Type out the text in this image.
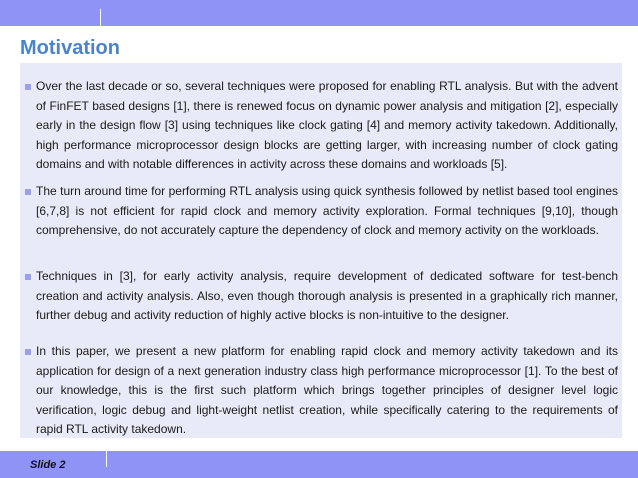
Motivation
Over the last decade or so, several techniques were proposed for enabling RTL analysis. But with the advent of FinFET based designs [1], there is renewed focus on dynamic power analysis and mitigation [2], especially early in the design flow [3] using techniques like clock gating [4] and memory activity takedown. Additionally, high performance microprocessor design blocks are getting larger, with increasing number of clock gating domains and with notable differences in activity across these domains and workloads [5].
The turn around time for performing RTL analysis using quick synthesis followed by netlist based tool engines [6,7,8] is not efficient for rapid clock and memory activity exploration. Formal techniques [9,10], though comprehensive, do not accurately capture the dependency of clock and memory activity on the workloads.
Techniques in [3], for early activity analysis, require development of dedicated software for test-bench creation and activity analysis. Also, even though thorough analysis is presented in a graphically rich manner, further debug and activity reduction of highly active blocks is non-intuitive to the designer.
In this paper, we present a new platform for enabling rapid clock and memory activity takedown and its application for design of a next generation industry class high performance microprocessor [1]. To the best of our knowledge, this is the first such platform which brings together principles of designer level logic verification, logic debug and light-weight netlist creation, while specifically catering to the requirements of rapid RTL activity takedown.
Slide 2
